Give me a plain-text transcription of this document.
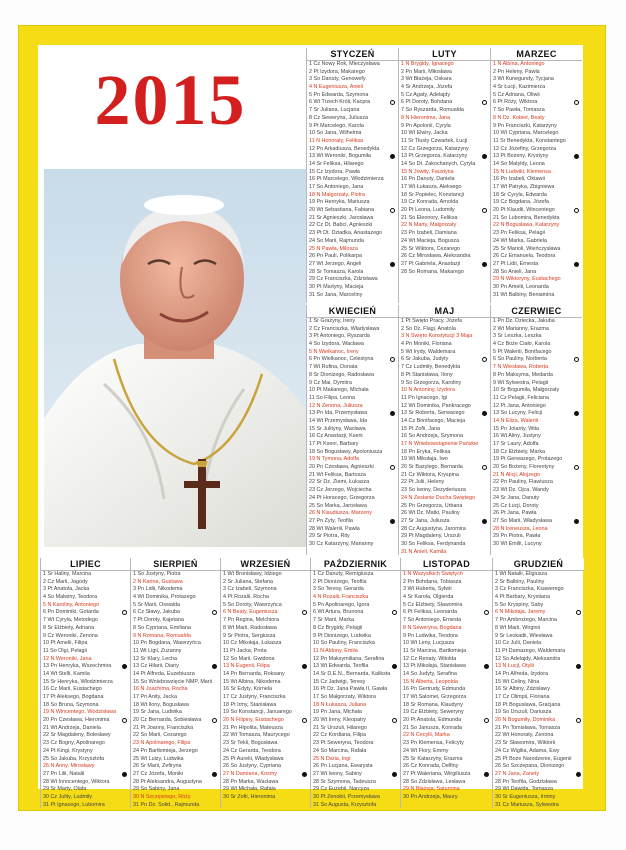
2015
STYCZEŃ
1 Cz Nowy Rok, Mieczysława
2 Pt Izydora, Makarego
3 So Danuty, Genowefy
4 N Eugeniusza, Anieli
5 Pn Edwarda, Szymona
6 Wt Trzech Króli, Kacpra
7 Śr Juliana, Lucjana
8 Cz Seweryna, Juliusza
9 Pt Marcelego, Karola
10 So Jana, Wilhelma
11 N Honoraty, Feliksa
12 Pn Arkadiusza, Benedykta
13 Wt Weroniki, Bogumiła
14 Śr Feliksa, Hilarego
15 Cz Izydora, Pawła
16 Pt Marcelego, Włodzimierza
17 So Antoniego, Jana
18 N Małgorzaty, Piotra
19 Pn Henryka, Mariusza
20 Wt Sebastiana, Fabiana
21 Śr Agnieszki, Jarosława
22 Cz Dt. Babci, Agnieszki
23 Pt Dt. Dziadka, Anastazego
24 So Marii, Rajmunda
25 N Pawła, Miłosza
26 Pn Pauli, Polikarpa
27 Wt Jerzego, Angeli
28 Śr Tomasza, Karola
29 Cz Franciszka, Zdzisława
30 Pt Martyny, Macieja
31 So Jana, Marceliny
LUTY
1 N Brygidy, Ignacego
2 Pn Marii, Miłosława
3 Wt Błażeja, Oskara
4 Śr Andrzeja, Józefa
5 Cz Agaty, Adelajdy
6 Pt Doroty, Bohdana
7 So Ryszarda, Romualda
8 N Hieronima, Jana
9 Pn Apolonii, Cyryla
10 Wt Elwiry, Jacka
11 Śr Tłusty Czwartek, Łucji
12 Cz Grzegorza, Katarzyny
13 Pt Grzegorza, Katarzyny
14 So Dt. Zakochanych, Cyryla
15 N Jowity, Faustyna
16 Pn Danuty, Daniela
17 Wt Łukasza, Aleksego
18 Śr Popielec, Konstancji
19 Cz Konrada, Arnolda
20 Pt Leona, Ludomiły
21 So Eleonory, Feliksa
22 N Marty, Małgorzaty
23 Pn Izabeli, Damiana
24 Wt Macieja, Bogusza
25 Śr Wiktora, Cezarego
26 Cz Mirosława, Aleksandra
27 Pt Gabriela, Anastazji
28 So Romana, Makarego
MARZEC
1 N Albina, Antoniego
2 Pn Heleny, Pawła
3 Wt Kunegundy, Tycjana
4 Śr Łucji, Kazimierza
5 Cz Adriana, Oliwii
6 Pt Róży, Wiktora
7 So Pawła, Tomasza
8 N Dz. Kobiet, Beaty
9 Pn Franciszki, Katarzyny
10 Wt Cypriana, Marcelego
11 Śr Benedykta, Konstantego
12 Cz Józefiny, Grzegorza
13 Pt Bożeny, Krystyny
14 So Matyldy, Leona
15 N Ludwiki, Klemensa
16 Pn Izabeli, Oktawii
17 Wt Patryka, Zbigniewa
18 Śr Cyryla, Edwarda
19 Cz Bogdana, Józefa
20 Pt Klaudii, Wincentego
21 So Lubomira, Benedykta
22 N Bogusława, Katarzyny
23 Pn Feliksa, Pelagii
24 Wt Marka, Gabriela
25 Śr Marioli, Wieńczysława
26 Cz Emanuela, Teodora
27 Pt Lidii, Ernesta
28 So Anieli, Jana
29 N Wiktoryny, Eustachego
30 Pn Amelii, Leonarda
31 Wt Balbiny, Beniamina
KWIECIEŃ
1 Śr Grażyny, Ireny
2 Cz Franciszka, Władysława
3 Pt Antoniego, Ryszarda
4 So Izydora, Wacława
5 N Wielkanoc, Ireny
6 Pn Wielkanoc, Celestyna
7 Wt Rufina, Donata
8 Śr Dionizego, Radosława
9 Cz Mai, Dymitra
10 Pt Makarego, Michała
11 So Filipa, Leona
12 N Zenona, Juliusza
13 Pn Ida, Przemysława
14 Wt Przemysława, Ida
15 Śr Julityny, Wacława
16 Cz Anastazji, Kseni
17 Pt Kseni, Barbary
18 So Bogusławy, Apoloniusza
19 N Tymona, Adolfa
20 Pn Czesława, Agnieszki
21 Wt Feliksa, Bartosza
22 Śr Dz. Ziemi, Łukasza
23 Cz Jerzego, Wojciecha
24 Pt Horacego, Grzegorza
25 So Marka, Jarosława
26 N Klaudiusza, Marzeny
27 Pn Zyty, Teofila
28 Wt Waleriii, Pawła
29 Śr Piotra, Rity
30 Cz Katarzyny, Marianny
MAJ
1 Pt Święto Pracy, Józefa
2 So Dz. Flagi, Anatola
3 N Święto Konstytucji 3 Maja
4 Pn Moniki, Floriana
5 Wt Irydy, Waldemara
6 Śr Jakuba, Judyty
7 Cz Ludmiły, Benedykta
8 Pt Stanisława, Ilony
9 So Grzegorza, Karoliny
10 N Antoniny, Izydora
11 Pn Ignacego, Igi
12 Wt Dominika, Pankracego
13 Śr Roberta, Serwacego
14 Cz Bonifacego, Macieja
15 Pt Zofii, Jana
16 So Andrzeja, Szymona
17 N Wniebowstąpienie Pańskie
18 Pn Eryka, Feliksa
19 Wt Mikołaja, Iwo
20 Śr Bazylego, Bernarda
21 Cz Wiktora, Kryspina
22 Pt Julii, Heleny
23 So Iwony, Dezyderiusza
24 N Zesłanie Ducha Świętego
25 Pn Grzegorza, Urbana
26 Wt Dz. Matki, Pauliny
27 Śr Jana, Juliusza
28 Cz Augustyna, Jaromira
29 Pt Magdaleny, Urszuli
30 So Feliksa, Ferdynanda
31 N Anieli, Kamila
CZERWIEC
1 Pn Dz. Dziecka, Jakuba
2 Wt Marianny, Erazma
3 Śr Leszka, Leszka
4 Cz Boże Ciało, Karola
5 Pt Waleriii, Bonifacego
6 So Pauliny, Norberta
7 N Wiesława, Roberta
8 Pn Maksyma, Medarda
9 Wt Sylwestra, Pelagii
10 Śr Bogumiła, Małgorzaty
11 Cz Pelagii, Feliciana
12 Pt Jana, Antoniego
13 So Lucyny, Felicji
14 N Eliza, Waleriii
15 Pn Jolanty, Wita
16 Wt Aliny, Justyny
17 Śr Laury, Adolfa
18 Cz Elżbiety, Marka
19 Pt Gerwazego, Protazego
20 So Bożeny, Florentyny
21 N Alicji, Alojzego
22 Pn Pauliny, Flawiusza
23 Wt Dz. Ojca, Wandy
24 Śr Jana, Danuty
25 Cz Łucji, Doroty
26 Pt Jana, Pawła
27 So Marii, Władysława
28 N Ireneusza, Leona
29 Pn Piotra, Pawła
30 Wt Emilii, Lucyny
LIPIEC
1 Śr Haliny, Marcina
2 Cz Marii, Jagody
3 Pt Anatola, Jacka
4 So Malwiny, Teodora
5 N Karoliny, Antoniego
6 Pn Dominiki, Gotarda
7 Wt Cyryla, Metodego
8 Śr Elżbiety, Adriana
9 Cz Weroniki, Zenona
10 Pt Amelii, Filipa
11 So Olgi, Pelagii
12 N Weroniki, Jana
13 Pn Henryka, Wszechmira
14 Wt Stelli, Kamila
15 Śr Henryka, Włodzimierza
16 Cz Marii, Eustachego
17 Pt Aleksego, Bogdana
18 So Bruna, Szymona
19 N Wincentego, Wodzisława
20 Pn Czesława, Hieronima
21 Wt Andrzeja, Daniela
22 Śr Magdaleny, Bolesławy
23 Cz Bogny, Apolinarego
24 Pt Kingi, Krystyny
25 So Jakuba, Krzysztofa
26 N Anny, Mirosławy
27 Pn Lilii, Natalii
28 Wt Innocentego, Wiktora
29 Śr Marty, Olafa
30 Cz Julity, Ludmiły
31 Pt Ignacego, Lubomira
SIERPIEŃ
1 So Justyny, Piotra
2 N Karina, Gustawa
3 Pn Lidii, Nikodema
4 Wt Dominika, Protazego
5 Śr Marii, Oswalda
6 Cz Sławy, Jakuba
7 Pt Doroty, Kajetana
8 So Cypriana, Emiliana
9 N Romana, Romualda
10 Pn Bogdana, Wawrzyńca
11 Wt Ligii, Zuzanny
12 Śr Klary, Lecha
13 Cz Hilarii, Diany
14 Pt Alfreda, Euzebiusza
15 So Wniebowzięcie NMP, Marii
16 N Joachima, Rocha
17 Pn Anity, Jacka
18 Wt Ilony, Bogusława
19 Śr Jana, Ludwika
20 Cz Bernarda, Sobiesława
21 Pt Joanny, Franciszka
22 So Marii, Cezarego
23 N Apolinarego, Filipa
24 Pn Bartłomieja, Jerzego
25 Wt Luizy, Ludwika
26 Śr Marii, Zefiryna
27 Cz Józefa, Moniki
28 Pt Aleksandra, Augustyna
29 So Sabiny, Jana
30 N Szczęsnego, Róży
31 Pn Dz. Solid., Rajmunda
WRZESIEŃ
1 Wt Bronisławy, Idziego
2 Śr Juliana, Stefana
3 Cz Izabeli, Szymona
4 Pt Rozalii, Rocha
5 So Doroty, Wawrzyńca
6 N Beaty, Eugeniusza
7 Pn Regina, Melchiora
8 Wt Marii, Radosława
9 Śr Piotra, Sergiusza
10 Cz Mikołaja, Łukasza
11 Pt Jacka, Prota
12 So Marii, Gwidona
13 N Eugenii, Filipa
14 Pn Bernarda, Roksany
15 Wt Albina, Nikodema
16 Śr Edyty, Kornela
17 Cz Justyny, Franciszka
18 Pt Irmy, Stanisława
19 So Konstancji, Januarego
20 N Filipiny, Eustachego
21 Pn Hipolita, Mateusza
22 Wt Tomasza, Maurycego
23 Śr Tekli, Bogusława
24 Cz Gerarda, Teodora
25 Pt Aurelii, Władysława
26 So Justyny, Cypriana
27 N Damiana, Kosmy
28 Pn Marka, Wacława
29 Wt Michała, Rafała
30 Śr Zofii, Hieronima
PAŹDZIERNIK
1 Cz Danuty, Remigiusza
2 Pt Dionizego, Teofila
3 So Teresy, Gerarda
4 N Rozalii, Franciszka
5 Pn Apolinarego, Igora
6 Wt Artura, Brunona
7 Śr Marii, Marka
8 Cz Brygidy, Pelagii
9 Pt Dionizego, Ludwika
10 So Pauliny, Franciszka
11 N Aldony, Emila
12 Pn Maksymiliana, Serafina
13 Wt Edwarda, Teofila
14 Śr D.E.N., Bernarda, Kaliksta
15 Cz Jadwigi, Teresy
16 Pt Dz. Jana Pawła II, Gawła
17 So Małgorzaty, Wiktora
18 N Łukasza, Juliana
19 Pn Jana, Michała
20 Wt Ireny, Kleopatry
21 Śr Urszuli, Hilarego
22 Cz Kordiana, Filipa
23 Pt Seweryna, Teodora
24 So Marcina, Rafała
25 N Daria, Ingi
26 Pn Lucjana, Ewarysta
27 Wt Iwony, Sabiny
28 Śr Szymona, Tadeusza
29 Cz Euzebii, Narcyza
30 Pt Zenobii, Przemysława
31 So Augusta, Krzysztofa
LISTOPAD
1 N Wszystkich Świętych
2 Pn Bohdana, Tobiasza
3 Wt Huberta, Sylwii
4 Śr Karola, Olgierda
5 Cz Elżbiety, Sławomira
6 Pt Feliksa, Leonarda
7 So Antoniego, Ernesta
8 N Seweryna, Bogdana
9 Pn Ludwika, Teodora
10 Wt Leny, Lucjusza
11 Śr Marcina, Bartłomieja
12 Cz Renaty, Witolda
13 Pt Mikołaja, Stanisława
14 So Judyty, Serafina
15 N Alberta, Leopolda
16 Pn Gertrudy, Edmunda
17 Wt Salomei, Grzegorza
18 Śr Romana, Klaudyny
19 Cz Elżbiety, Seweryny
20 Pt Anatola, Edmunda
21 So Janusza, Konrada
22 N Cecylii, Marka
23 Pn Klemensa, Felicyty
24 Wt Flory, Emmy
25 Śr Katarzyny, Erazma
26 Cz Konrada, Delfiny
27 Pt Waleriana, Wirgiliusza
28 So Zdzisława, Lesława
29 N Błażeja, Saturnina
30 Pn Andrzeja, Maury
GRUDZIEŃ
1 Wt Natalii, Eligiusza
2 Śr Balbiny, Pauliny
3 Cz Franciszka, Ksawerego
4 Pt Barbary, Krystiana
5 So Kryspiny, Saby
6 N Mikołaja, Jaremy
7 Pn Ambrożego, Marcina
8 Wt Marii, Wirginii
9 Śr Leokadii, Wiesława
10 Cz Julii, Daniela
11 Pt Damazego, Waldemara
12 So Adelajdy, Aleksandra
13 N Łucji, Otylii
14 Pn Alfreda, Izydora
15 Wt Celiny, Nina
16 Śr Albiny, Zdzisławy
17 Cz Olimpii, Floriana
18 Pt Bogusława, Gracjana
19 So Urszuli, Dariusza
20 N Bogumiły, Dominika
21 Pn Tomisława, Tomasza
22 Wt Honoraty, Zenona
23 Śr Sławomira, Wiktorii
24 Cz Wigilia, Adama, Ewy
25 Pt Boże Narodzenie, Eugenii
26 So Szczepana, Dionizego
27 N Jana, Żanety
28 Pn Teofila, Godzisława
29 Wt Dawida, Tomasza
30 Śr Eugeniusza, Irminy
31 Cz Mariusza, Sylwestra
